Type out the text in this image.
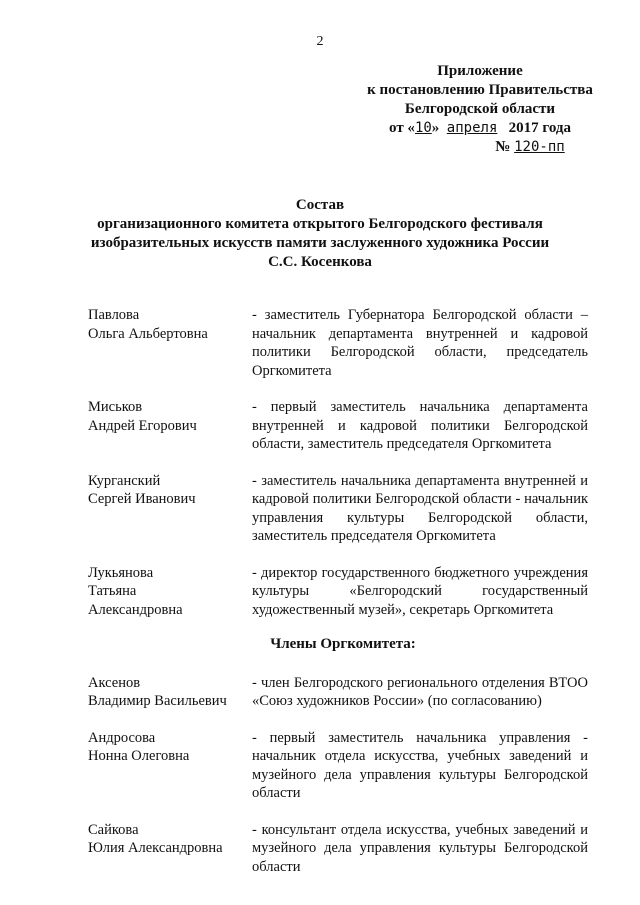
2
Приложение
к постановлению Правительства
Белгородской области
от «10» апреля 2017 года
№ 120-пп
Состав
организационного комитета открытого Белгородского фестиваля
изобразительных искусств памяти заслуженного художника России
С.С. Косенкова
Павлова
Ольга Альбертовна
- заместитель Губернатора Белгородской области – начальник департамента внутренней и кадровой политики Белгородской области, председатель Оргкомитета
Миськов
Андрей Егорович
- первый заместитель начальника департамента внутренней и кадровой политики Белгородской области, заместитель председателя Оргкомитета
Курганский
Сергей Иванович
- заместитель начальника департамента внутренней и кадровой политики Белгородской области - начальник управления культуры Белгородской области, заместитель председателя Оргкомитета
Лукьянова
Татьяна
Александровна
- директор государственного бюджетного учреждения культуры «Белгородский государственный художественный музей», секретарь Оргкомитета
Члены Оргкомитета:
Аксенов
Владимир Васильевич
- член Белгородского регионального отделения ВТОО «Союз художников России» (по согласованию)
Андросова
Нонна Олеговна
- первый заместитель начальника управления - начальник отдела искусства, учебных заведений и музейного дела управления культуры Белгородской области
Сайкова
Юлия Александровна
- консультант отдела искусства, учебных заведений и музейного дела управления культуры Белгородской области
